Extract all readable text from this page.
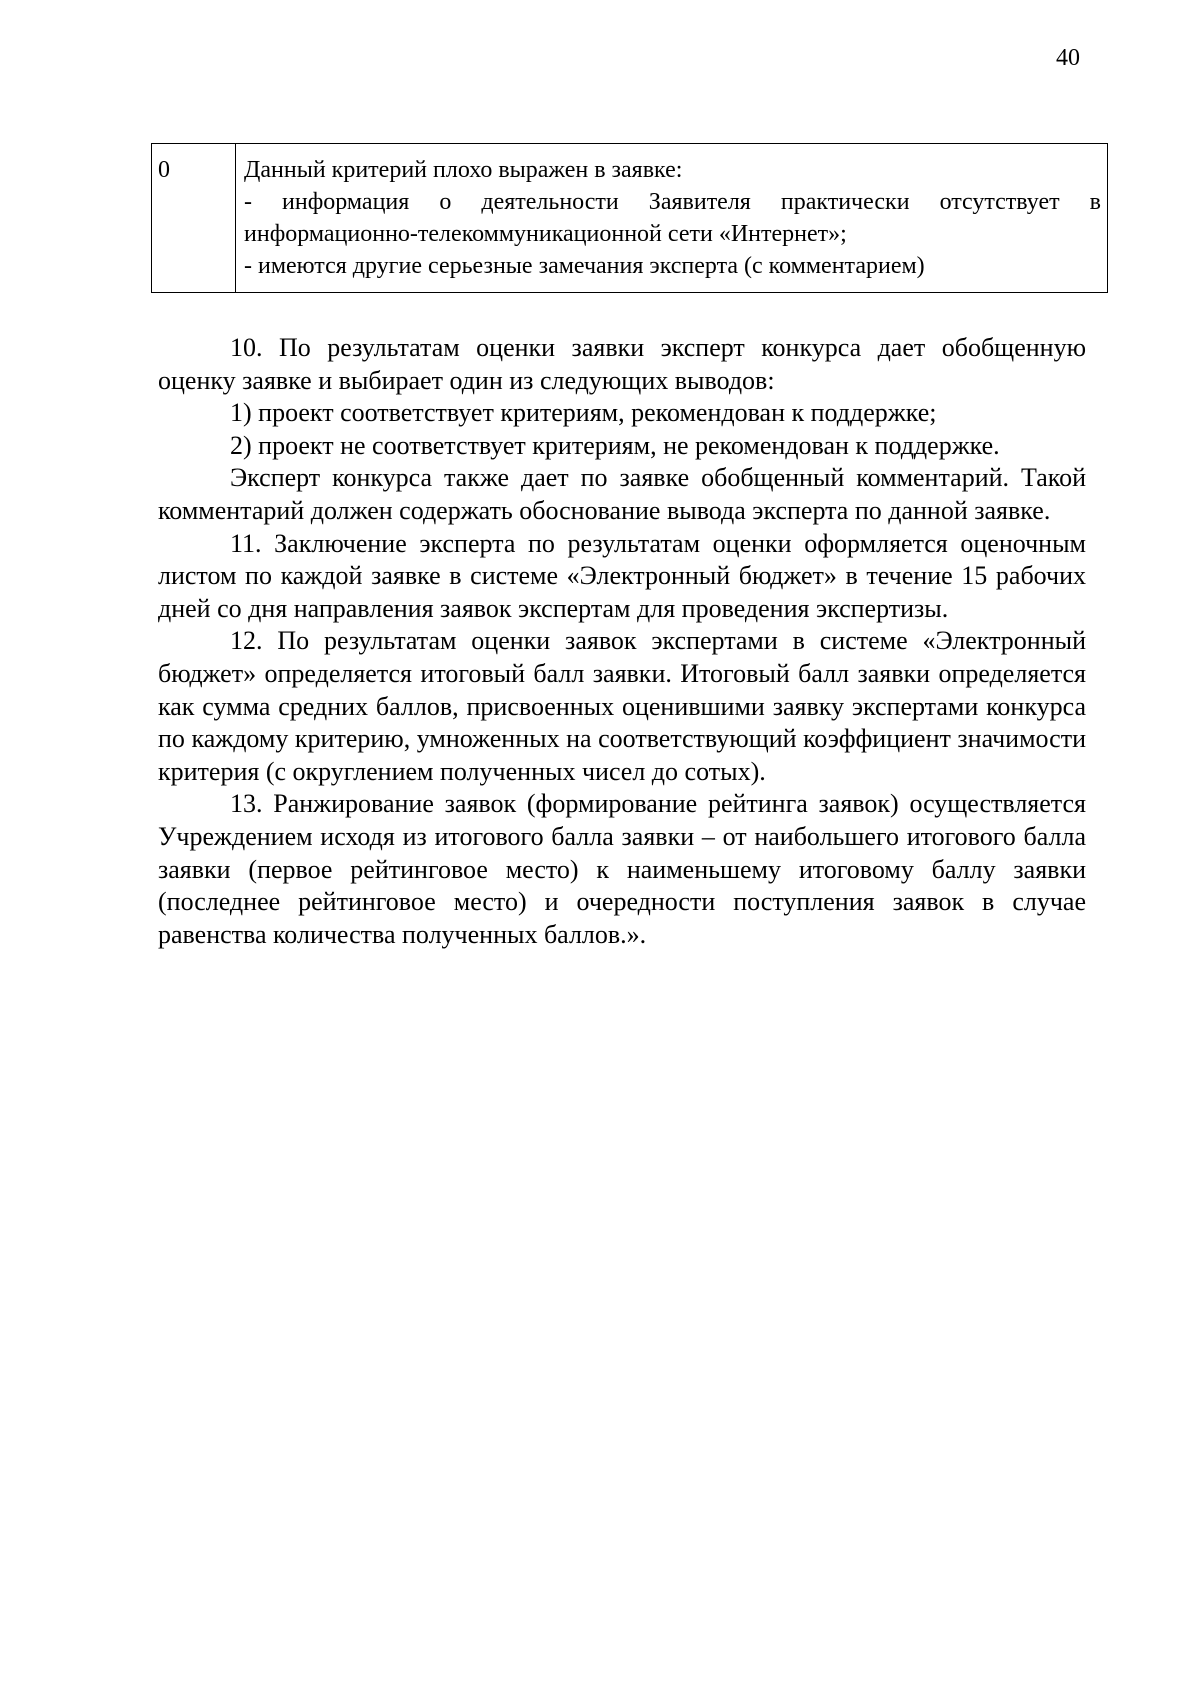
40
0	Данный критерий плохо выражен в заявке:
- информация о деятельности Заявителя практически отсутствует в информационно-телекоммуникационной сети «Интернет»;
- имеются другие серьезные замечания эксперта (с комментарием)

10. По результатам оценки заявки эксперт конкурса дает обобщенную оценку заявке и выбирает один из следующих выводов:

1) проект соответствует критериям, рекомендован к поддержке;

2) проект не соответствует критериям, не рекомендован к поддержке.

Эксперт конкурса также дает по заявке обобщенный комментарий. Такой комментарий должен содержать обоснование вывода эксперта по данной заявке.

11. Заключение эксперта по результатам оценки оформляется оценочным листом по каждой заявке в системе «Электронный бюджет» в течение 15 рабочих дней со дня направления заявок экспертам для проведения экспертизы.

12. По результатам оценки заявок экспертами в системе «Электронный бюджет» определяется итоговый балл заявки. Итоговый балл заявки определяется как сумма средних баллов, присвоенных оценившими заявку экспертами конкурса по каждому критерию, умноженных на соответствующий коэффициент значимости критерия (с округлением полученных чисел до сотых).

13. Ранжирование заявок (формирование рейтинга заявок) осуществляется Учреждением исходя из итогового балла заявки – от наибольшего итогового балла заявки (первое рейтинговое место) к наименьшему итоговому баллу заявки (последнее рейтинговое место) и очередности поступления заявок в случае равенства количества полученных баллов.».
